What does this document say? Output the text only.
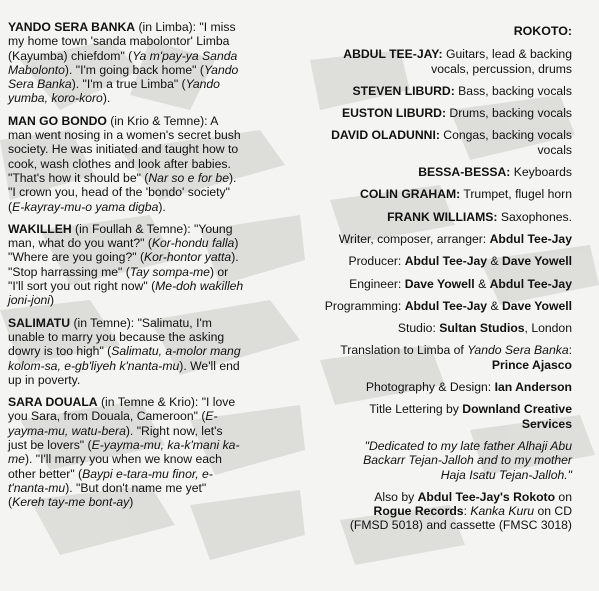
YANDO SERA BANKA (in Limba): "I miss

my home town 'sanda mabolontor' Limba

(Kayumba) chiefdom" (Ya m'pay-ya Sanda

Mabolonto). "I'm going back home" (Yando

Sera Banka). "I'm a true Limba" (Yando

yumba, koro-koro).

MAN GO BONDO (in Krio & Temne): A

man went nosing in a women's secret bush

society. He was initiated and taught how to

cook, wash clothes and look after babies.

"That's how it should be" (Nar so e for be).

"I crown you, head of the 'bondo' society"

(E-kayray-mu-o yama digba).

WAKILLEH (in Foullah & Temne): "Young

man, what do you want?" (Kor-hondu falla)

"Where are you going?" (Kor-hontor yatta).

"Stop harrassing me" (Tay sompa-me) or

"I'll sort you out right now" (Me-doh wakilleh

joni-joni)

SALIMATU (in Temne): "Salimatu, I'm

unable to marry you because the asking

dowry is too high" (Salimatu, a-molor mang

kolom-sa, e-gb'liyeh k'nanta-mu). We'll end

up in poverty.

SARA DOUALA (in Temne & Krio): "I love

you Sara, from Douala, Cameroon" (E-

yayma-mu, watu-bera). "Right now, let's

just be lovers" (E-yayma-mu, ka-k'mani ka-

me). "I'll marry you when we know each

other better" (Baypi e-tara-mu finor, e-

t'nanta-mu). "But don't name me yet"

(Kereh tay-me bont-ay)

ROKOTO:

ABDUL TEE-JAY: Guitars, lead & backing

vocals, percussion, drums

STEVEN LIBURD: Bass, backing vocals

EUSTON LIBURD: Drums, backing vocals

DAVID OLADUNNI: Congas, backing vocals

vocals

BESSA-BESSA: Keyboards

COLIN GRAHAM: Trumpet, flugel horn

FRANK WILLIAMS: Saxophones.

Writer, composer, arranger: Abdul Tee-Jay

Producer: Abdul Tee-Jay & Dave Yowell

Engineer: Dave Yowell & Abdul Tee-Jay

Programming: Abdul Tee-Jay & Dave Yowell

Studio: Sultan Studios, London

Translation to Limba of Yando Sera Banka:

Prince Ajasco

Photography & Design: Ian Anderson

Title Lettering by Downland Creative

Services

"Dedicated to my late father Alhaji Abu

Backarr Tejan-Jalloh and to my mother

Haja Isatu Tejan-Jalloh."

Also by Abdul Tee-Jay's Rokoto on

Rogue Records: Kanka Kuru on CD

(FMSD 5018) and cassette (FMSC 3018)
